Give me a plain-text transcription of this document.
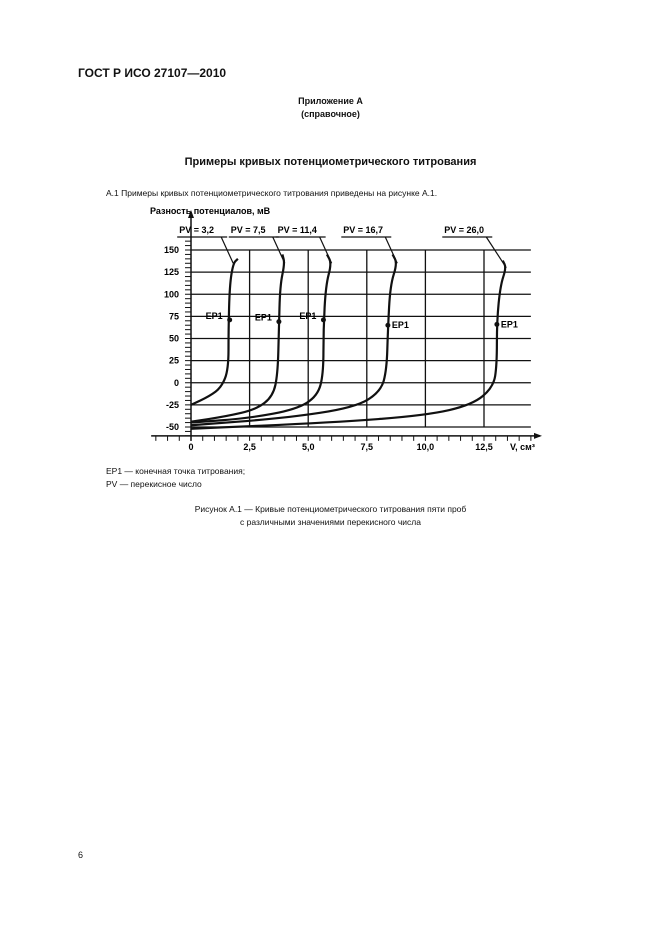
ГОСТ Р ИСО 27107—2010
Приложение А
(справочное)
Примеры кривых потенциометрического титрования
А.1 Примеры кривых потенциометрического титрования приведены на рисунке А.1.
150
125
100
75
50
25
0
-25
-50
0	2,5	5,0	7,5	10,0	12,5
Разность потенциалов, мВ
V, см³
PV = 3,2
ЕР1
PV = 7,5
ЕР1
PV = 11,4
ЕР1
PV = 16,7
ЕР1
PV = 26,0
ЕР1
ЕР1 — конечная точка титрования;
PV — перекисное число
Рисунок А.1 — Кривые потенциометрического титрования пяти проб
с различными значениями перекисного числа
6
